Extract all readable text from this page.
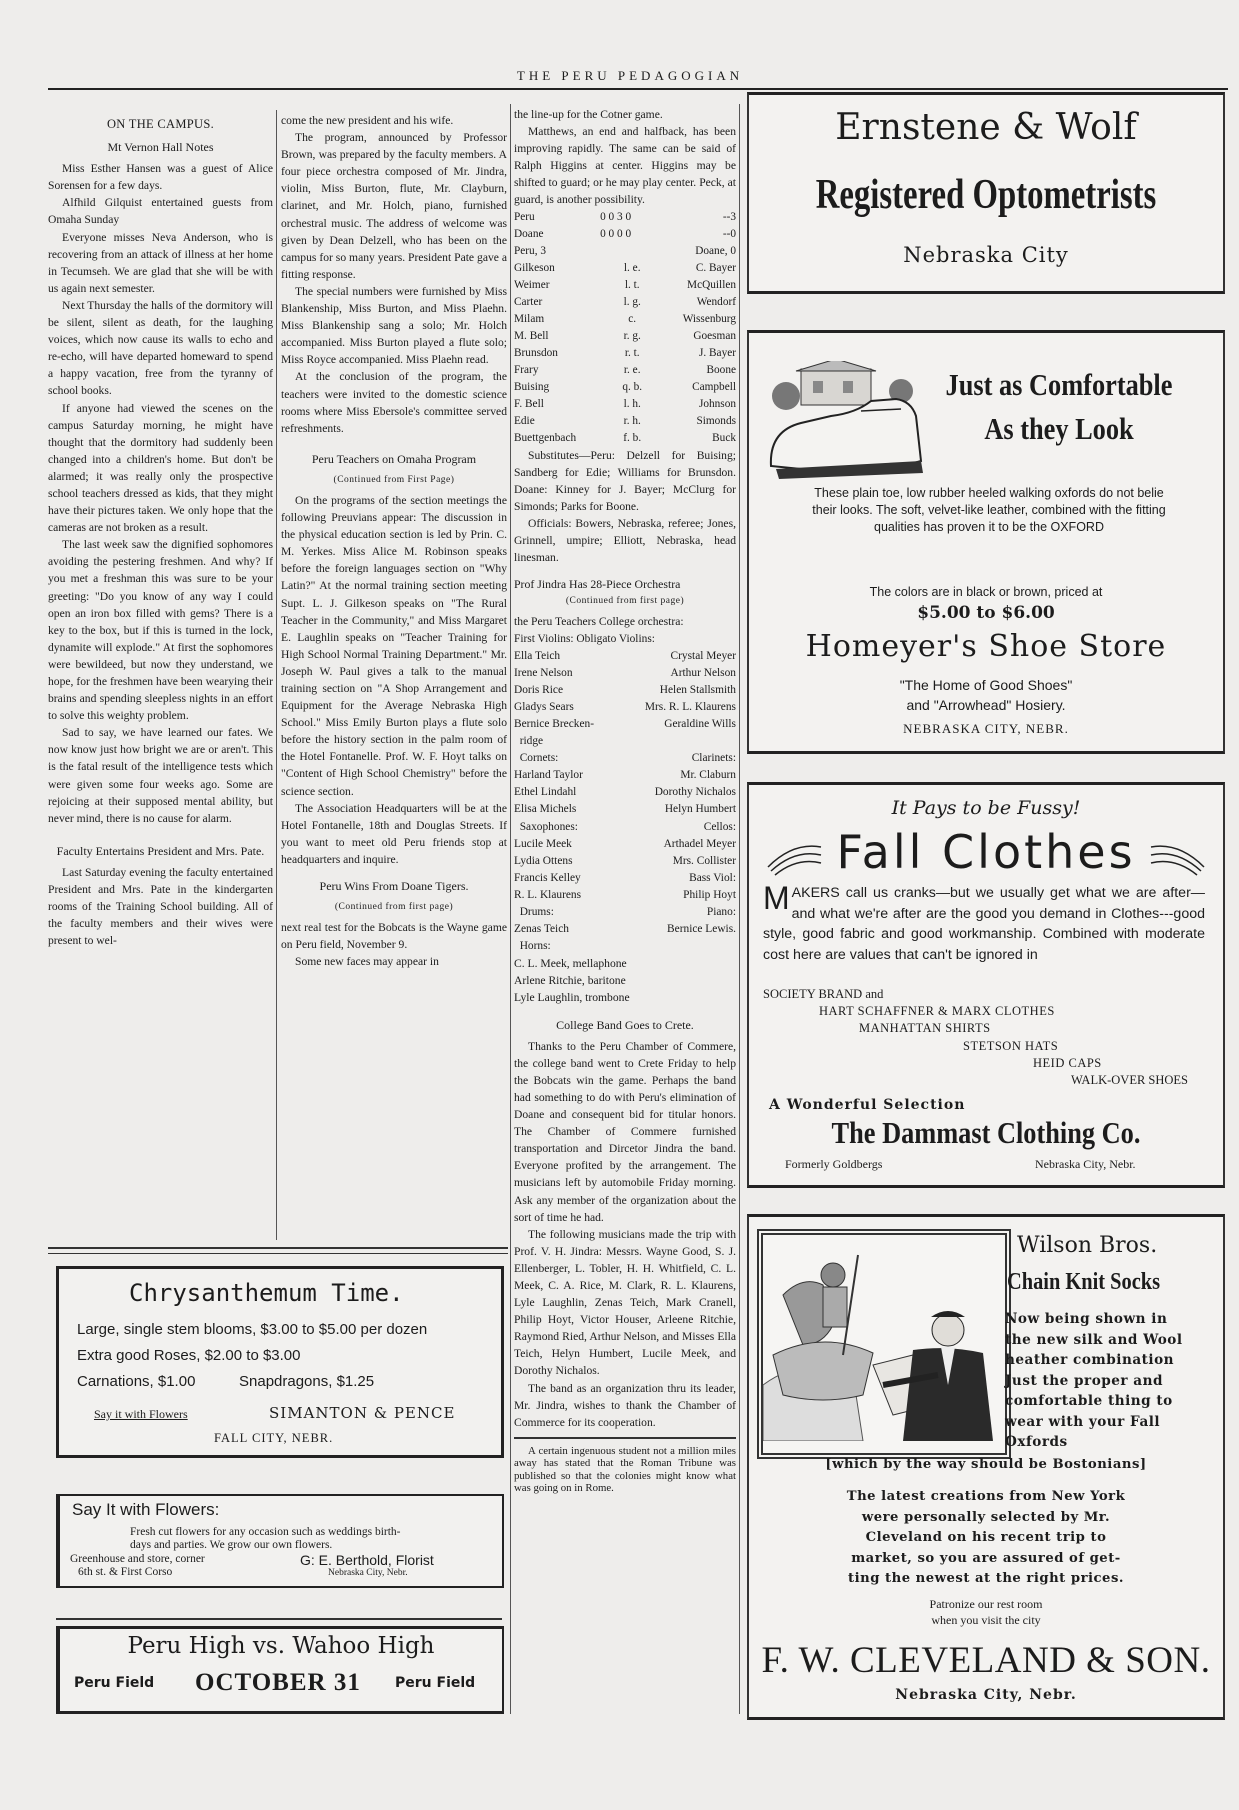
THE PERU PEDAGOGIAN

ON THE CAMPUS.

Mt Vernon Hall Notes

Miss Esther Hansen was a guest of Alice Sorensen for a few days.

Alfhild Gilquist entertained guests from Omaha Sunday

Everyone misses Neva Anderson, who is recovering from an attack of illness at her home in Tecumseh. We are glad that she will be with us again next semester.

Next Thursday the halls of the dormitory will be silent, silent as death, for the laughing voices, which now cause its walls to echo and re-echo, will have departed homeward to spend a happy vacation, free from the tyranny of school books.

If anyone had viewed the scenes on the campus Saturday morning, he might have thought that the dormitory had suddenly been changed into a children's home. But don't be alarmed; it was really only the prospective school teachers dressed as kids, that they might have their pictures taken. We only hope that the cameras are not broken as a result.

The last week saw the dignified sophomores avoiding the pestering freshmen. And why? If you met a freshman this was sure to be your greeting: "Do you know of any way I could open an iron box filled with gems? There is a key to the box, but if this is turned in the lock, dynamite will explode." At first the sophomores were bewildeed, but now they understand, we hope, for the freshmen have been wearying their brains and spending sleepless nights in an effort to solve this weighty problem.

Sad to say, we have learned our fates. We now know just how bright we are or aren't. This is the fatal result of the intelligence tests which were given some four weeks ago. Some are rejoicing at their supposed mental ability, but never mind, there is no cause for alarm.

Faculty Entertains President and Mrs. Pate.

Last Saturday evening the faculty entertained President and Mrs. Pate in the kindergarten rooms of the Training School building. All of the faculty members and their wives were present to wel-

come the new president and his wife.

The program, announced by Professor Brown, was prepared by the faculty members. A four piece orchestra composed of Mr. Jindra, violin, Miss Burton, flute, Mr. Clayburn, clarinet, and Mr. Holch, piano, furnished orchestral music. The address of welcome was given by Dean Delzell, who has been on the campus for so many years. President Pate gave a fitting response.

The special numbers were furnished by Miss Blankenship, Miss Burton, and Miss Plaehn. Miss Blankenship sang a solo; Mr. Holch accompanied. Miss Burton played a flute solo; Miss Royce accompanied. Miss Plaehn read.

At the conclusion of the program, the teachers were invited to the domestic science rooms where Miss Ebersole's committee served refreshments.

Peru Teachers on Omaha Program

(Continued from First Page)

On the programs of the section meetings the following Preuvians appear: The discussion in the physical education section is led by Prin. C. M. Yerkes. Miss Alice M. Robinson speaks before the foreign languages section on "Why Latin?" At the normal training section meeting Supt. L. J. Gilkeson speaks on "The Rural Teacher in the Community," and Miss Margaret E. Laughlin speaks on "Teacher Training for High School Normal Training Department." Mr. Joseph W. Paul gives a talk to the manual training section on "A Shop Arrangement and Equipment for the Average Nebraska High School." Miss Emily Burton plays a flute solo before the history section in the palm room of the Hotel Fontanelle. Prof. W. F. Hoyt talks on "Content of High School Chemistry" before the science section.

The Association Headquarters will be at the Hotel Fontanelle, 18th and Douglas Streets. If you want to meet old Peru friends stop at headquarters and inquire.

Peru Wins From Doane Tigers.

(Continued from first page)

next real test for the Bobcats is the Wayne game on Peru field, November 9.

Some new faces may appear in

the line-up for the Cotner game.

Matthews, an end and halfback, has been improving rapidly. The same can be said of Ralph Higgins at center. Higgins may be shifted to guard; or he may play center. Peck, at guard, is another possibility.

Peru	0 0 3 0	--3
Doane	0 0 0 0	--0
Peru, 3		Doane, 0
Gilkeson	l. e.	C. Bayer
Weimer	l. t.	McQuillen
Carter	l. g.	Wendorf
Milam	c.	Wissenburg
M. Bell	r. g.	Goesman
Brunsdon	r. t.	J. Bayer
Frary	r. e.	Boone
Buising	q. b.	Campbell
F. Bell	l. h.	Johnson
Edie	r. h.	Simonds
Buettgenbach	f. b.	Buck

Substitutes—Peru: Delzell for Buising; Sandberg for Edie; Williams for Brunsdon. Doane: Kinney for J. Bayer; McClurg for Simonds; Parks for Boone.

Officials: Bowers, Nebraska, referee; Jones, Grinnell, umpire; Elliott, Nebraska, head linesman.

Prof Jindra Has 28-Piece Orchestra

(Continued from first page)

the Peru Teachers College orchestra:

First Violins: Obligato Violins:
Ella Teich	Crystal Meyer
Irene Nelson	Arthur Nelson
Doris Rice	Helen Stallsmith
Gladys Sears	Mrs. R. L. Klaurens
Bernice Brecken-	Geraldine Wills
ridge
Cornets:	Clarinets:
Harland Taylor	Mr. Claburn
Ethel Lindahl	Dorothy Nichalos
Elisa Michels	Helyn Humbert
Saxophones:	Cellos:
Lucile Meek	Arthadel Meyer
Lydia Ottens	Mrs. Collister
Francis Kelley	Bass Viol:
R. L. Klaurens	Philip Hoyt
Drums:	Piano:
Zenas Teich	Bernice Lewis.
Horns:

C. L. Meek, mellaphone

Arlene Ritchie, baritone

Lyle Laughlin, trombone

College Band Goes to Crete.

Thanks to the Peru Chamber of Commere, the college band went to Crete Friday to help the Bobcats win the game. Perhaps the band had something to do with Peru's elimination of Doane and consequent bid for titular honors. The Chamber of Commere furnished transportation and Dircetor Jindra the band. Everyone profited by the arrangement. The musicians left by automobile Friday morning. Ask any member of the organization about the sort of time he had.

The following musicians made the trip with Prof. V. H. Jindra: Messrs. Wayne Good, S. J. Ellenberger, L. Tobler, H. H. Whitfield, C. L. Meek, C. A. Rice, M. Clark, R. L. Klaurens, Lyle Laughlin, Zenas Teich, Mark Cranell, Philip Hoyt, Victor Houser, Arleene Ritchie, Raymond Ried, Arthur Nelson, and Misses Ella Teich, Helyn Humbert, Lucile Meek, and Dorothy Nichalos.

The band as an organization thru its leader, Mr. Jindra, wishes to thank the Chamber of Commerce for its cooperation.

A certain ingenuous student not a million miles away has stated that the Roman Tribune was published so that the colonies might know what was going on in Rome.

Chrysanthemum Time.
Large, single stem blooms, $3.00 to $5.00 per dozen
Extra good Roses, $2.00 to $3.00
Carnations, $1.00	Snapdragons, $1.25
Say it with Flowers	SIMANTON & PENCE
FALL CITY, NEBR.
Say It with Flowers:
Fresh cut flowers for any occasion such as weddings birth-
days and parties. We grow our own flowers.
Greenhouse and store, corner
6th st. & First Corso
G: E. Berthold, Florist
Nebraska City, Nebr.
Peru High vs. Wahoo High
Peru Field OCTOBER 31 Peru Field
Ernstene & Wolf
Registered Optometrists
Nebraska City
Just as Comfortable
As they Look
These plain toe, low rubber heeled walking oxfords do not belie their looks. The soft, velvet-like leather, combined with the fitting qualities has proven it to be the OXFORD
The colors are in black or brown, priced at
$5.00 to $6.00
Homeyer's Shoe Store
"The Home of Good Shoes"
and "Arrowhead" Hosiery.
NEBRASKA CITY, NEBR.
It Pays to be Fussy!
Fall Clothes
MAKERS call us cranks—but we usually get what we are after—and what we're after are the good you demand in Clothes---good style, good fabric and good workmanship. Combined with moderate cost here are values that can't be ignored in
SOCIETY BRAND and
HART SCHAFFNER & MARX CLOTHES
MANHATTAN SHIRTS
STETSON HATS
HEID CAPS
WALK-OVER SHOES
A Wonderful Selection
The Dammast Clothing Co.
Formerly Goldbergs	Nebraska City, Nebr.
Wilson Bros.
Chain Knit Socks
Now being shown in
the new silk and Wool
heather combination
Just the proper and
comfortable thing to
wear with your Fall
Oxfords
[which by the way should be Bostonians]
The latest creations from New York
were personally selected by Mr.
Cleveland on his recent trip to
market, so you are assured of get-
ting the newest at the right prices.
Patronize our rest room
when you visit the city
F. W. CLEVELAND & SON.
Nebraska City, Nebr.
